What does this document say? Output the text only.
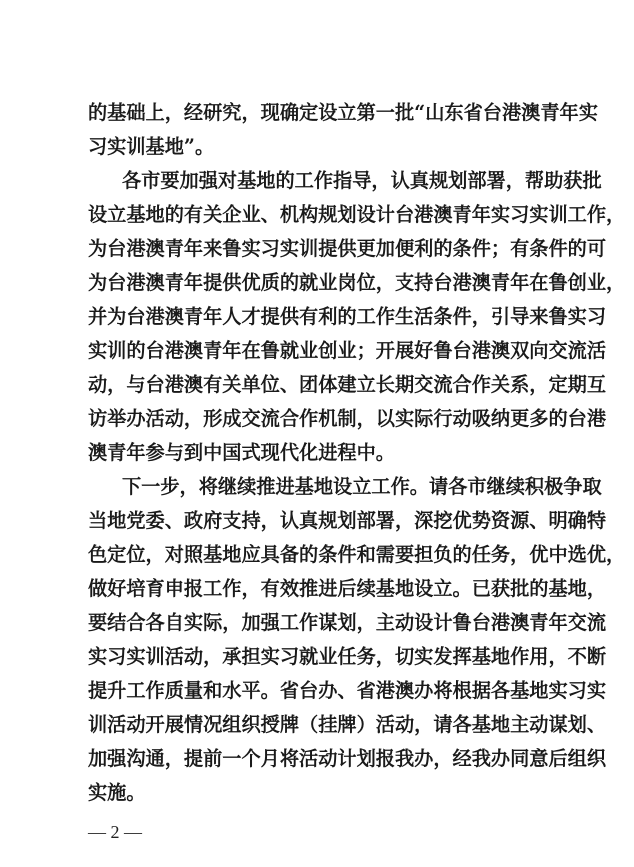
的基础上，经研究，现确定设立第一批“山东省台港澳青年实
习实训基地”。
各市要加强对基地的工作指导，认真规划部署，帮助获批
设立基地的有关企业、机构规划设计台港澳青年实习实训工作，
为台港澳青年来鲁实习实训提供更加便利的条件；有条件的可
为台港澳青年提供优质的就业岗位，支持台港澳青年在鲁创业，
并为台港澳青年人才提供有利的工作生活条件，引导来鲁实习
实训的台港澳青年在鲁就业创业；开展好鲁台港澳双向交流活
动，与台港澳有关单位、团体建立长期交流合作关系，定期互
访举办活动，形成交流合作机制，以实际行动吸纳更多的台港
澳青年参与到中国式现代化进程中。
下一步，将继续推进基地设立工作。请各市继续积极争取
当地党委、政府支持，认真规划部署，深挖优势资源、明确特
色定位，对照基地应具备的条件和需要担负的任务，优中选优，
做好培育申报工作，有效推进后续基地设立。已获批的基地，
要结合各自实际，加强工作谋划，主动设计鲁台港澳青年交流
实习实训活动，承担实习就业任务，切实发挥基地作用，不断
提升工作质量和水平。省台办、省港澳办将根据各基地实习实
训活动开展情况组织授牌（挂牌）活动，请各基地主动谋划、
加强沟通，提前一个月将活动计划报我办，经我办同意后组织
实施。
— 2 —
